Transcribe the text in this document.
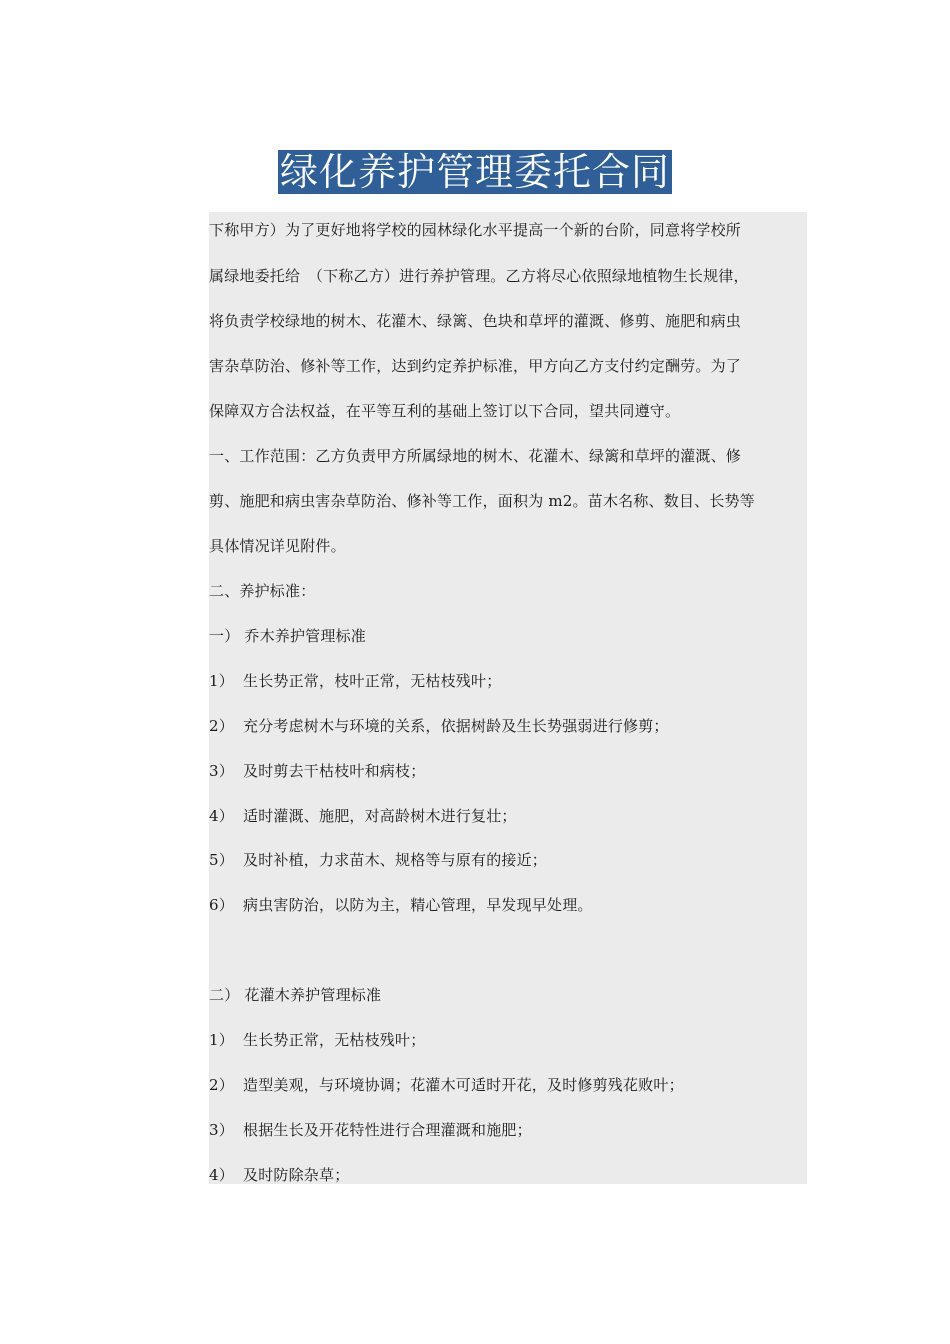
绿化养护管理委托合同
下称甲方）为了更好地将学校的园林绿化水平提高一个新的台阶，同意将学校所
属绿地委托给　（下称乙方）进行养护管理。乙方将尽心依照绿地植物生长规律，
将负责学校绿地的树木、花灌木、绿篱、色块和草坪的灌溉、修剪、施肥和病虫
害杂草防治、修补等工作，达到约定养护标准，甲方向乙方支付约定酬劳。为了
保障双方合法权益，在平等互利的基础上签订以下合同，望共同遵守。
一、工作范围：乙方负责甲方所属绿地的树木、花灌木、绿篱和草坪的灌溉、修
剪、施肥和病虫害杂草防治、修补等工作，面积为 m2。苗木名称、数目、长势等
具体情况详见附件。
二、养护标准：
一） 乔木养护管理标准
1） 生长势正常，枝叶正常，无枯枝残叶；
2） 充分考虑树木与环境的关系，依据树龄及生长势强弱进行修剪；
3） 及时剪去干枯枝叶和病枝；
4） 适时灌溉、施肥，对高龄树木进行复壮；
5） 及时补植，力求苗木、规格等与原有的接近；
6） 病虫害防治，以防为主，精心管理，早发现早处理。
二） 花灌木养护管理标准
1） 生长势正常，无枯枝残叶；
2） 造型美观，与环境协调；花灌木可适时开花，及时修剪残花败叶；
3） 根据生长及开花特性进行合理灌溉和施肥；
4） 及时防除杂草；
